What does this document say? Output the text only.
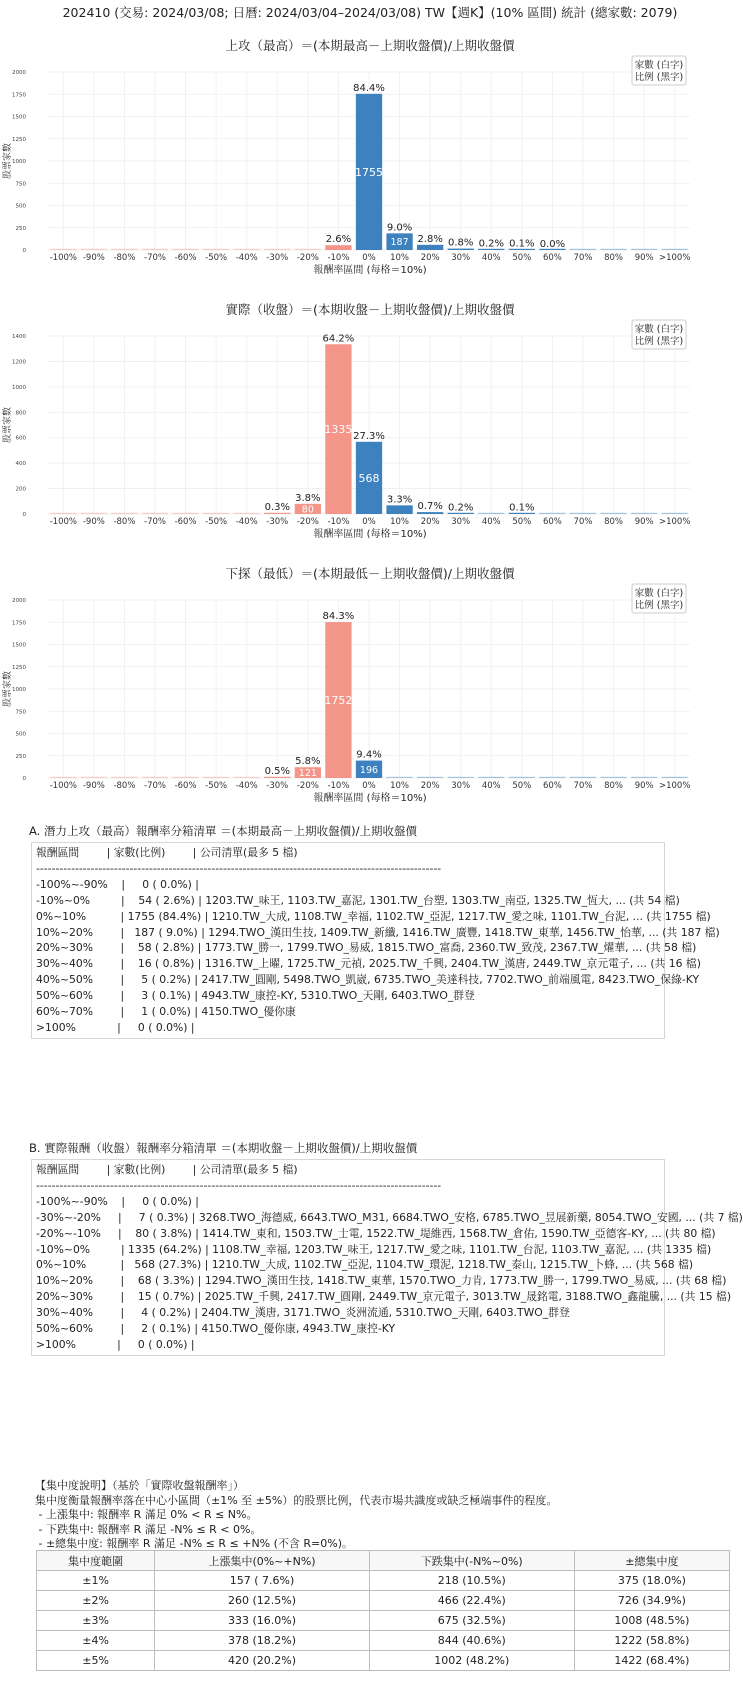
202410 (交易: 2024/03/08; 日曆: 2024/03/04–2024/03/08) TW【週K】(10% 區間) 統計 (總家數: 2079)
上攻（最高）＝(本期最高－上期收盤價)/上期收盤價
0
250
500
750
1000
1250
1500
1750
2000
股票家數
2.6%
1755
84.4%
187
9.0%
2.8% 0.8% 0.2% 0.1% 0.0%
-100% -90% -80% -70% -60% -50% -40% -30% -20% -10% 0% 10% 20% 30% 40% 50% 60% 70% 80% 90% >100%
報酬率區間 (每格＝10%)
家數 (白字)
比例 (黑字)
實際（收盤）＝(本期收盤－上期收盤價)/上期收盤價
0
200
400
600
800
1000
1200
1400
股票家數
0.3% 80
3.8%
1335
64.2%
568
27.3%
3.3%
0.7% 0.2%	0.1%
-100% -90% -80% -70% -60% -50% -40% -30% -20% -10% 0% 10% 20% 30% 40% 50% 60% 70% 80% 90% >100%
報酬率區間 (每格＝10%)
家數 (白字)
比例 (黑字)
下探（最低）＝(本期最低－上期收盤價)/上期收盤價
0
250
500
750
1000
1250
1500
1750
2000
股票家數
0.5% 121
5.8%
1752
84.3%
196
9.4%
-100% -90% -80% -70% -60% -50% -40% -30% -20% -10% 0% 10% 20% 30% 40% 50% 60% 70% 80% 90% >100%
報酬率區間 (每格＝10%)
家數 (白字)
比例 (黑字)
A. 潛力上攻（最高）報酬率分箱清單 ＝(本期最高－上期收盤價)/上期收盤價
報酬區間        | 家數(比例)        | 公司清單(最多 5 檔)
--------------------------------------------------------------------------------------------------------
-100%~-90%    |     0 ( 0.0%) |
-10%~0%         |    54 ( 2.6%) | 1203.TW_味王, 1103.TW_嘉泥, 1301.TW_台塑, 1303.TW_南亞, 1325.TW_恆大, ... (共 54 檔)
0%~10%          | 1755 (84.4%) | 1210.TW_大成, 1108.TW_幸福, 1102.TW_亞泥, 1217.TW_愛之味, 1101.TW_台泥, ... (共 1755 檔)
10%~20%        |   187 ( 9.0%) | 1294.TWO_漢田生技, 1409.TW_新纖, 1416.TW_廣豐, 1418.TW_東華, 1456.TW_怡華, ... (共 187 檔)
20%~30%        |    58 ( 2.8%) | 1773.TW_勝一, 1799.TWO_易威, 1815.TWO_富喬, 2360.TW_致茂, 2367.TW_燿華, ... (共 58 檔)
30%~40%        |    16 ( 0.8%) | 1316.TW_上曜, 1725.TW_元禎, 2025.TW_千興, 2404.TW_漢唐, 2449.TW_京元電子, ... (共 16 檔)
40%~50%        |     5 ( 0.2%) | 2417.TW_圓剛, 5498.TWO_凱崴, 6735.TWO_美達科技, 7702.TWO_前端風電, 8423.TWO_保綠-KY
50%~60%        |     3 ( 0.1%) | 4943.TW_康控-KY, 5310.TWO_天剛, 6403.TWO_群登
60%~70%        |     1 ( 0.0%) | 4150.TWO_優你康
>100%            |     0 ( 0.0%) |
B. 實際報酬（收盤）報酬率分箱清單 ＝(本期收盤－上期收盤價)/上期收盤價
報酬區間        | 家數(比例)        | 公司清單(最多 5 檔)
--------------------------------------------------------------------------------------------------------
-100%~-90%    |     0 ( 0.0%) |
-30%~-20%     |     7 ( 0.3%) | 3268.TWO_海德威, 6643.TWO_M31, 6684.TWO_安格, 6785.TWO_昱展新藥, 8054.TWO_安國, ... (共 7 檔)
-20%~-10%     |    80 ( 3.8%) | 1414.TW_東和, 1503.TW_士電, 1522.TW_堤維西, 1568.TW_倉佑, 1590.TW_亞德客-KY, ... (共 80 檔)
-10%~0%         | 1335 (64.2%) | 1108.TW_幸福, 1203.TW_味王, 1217.TW_愛之味, 1101.TW_台泥, 1103.TW_嘉泥, ... (共 1335 檔)
0%~10%          |   568 (27.3%) | 1210.TW_大成, 1102.TW_亞泥, 1104.TW_環泥, 1218.TW_泰山, 1215.TW_卜蜂, ... (共 568 檔)
10%~20%        |    68 ( 3.3%) | 1294.TWO_漢田生技, 1418.TW_東華, 1570.TWO_力肯, 1773.TW_勝一, 1799.TWO_易威, ... (共 68 檔)
20%~30%        |    15 ( 0.7%) | 2025.TW_千興, 2417.TW_圓剛, 2449.TW_京元電子, 3013.TW_晟銘電, 3188.TWO_鑫龍騰, ... (共 15 檔)
30%~40%        |     4 ( 0.2%) | 2404.TW_漢唐, 3171.TWO_炎洲流通, 5310.TWO_天剛, 6403.TWO_群登
50%~60%        |     2 ( 0.1%) | 4150.TWO_優你康, 4943.TW_康控-KY
>100%            |     0 ( 0.0%) |
【集中度說明】（基於「實際收盤報酬率」）
集中度衡量報酬率落在中心小區間（±1% 至 ±5%）的股票比例，代表市場共識度或缺乏極端事件的程度。
- 上漲集中: 報酬率 R 滿足 0% < R ≤ N%。
- 下跌集中: 報酬率 R 滿足 -N% ≤ R < 0%。
- ±總集中度: 報酬率 R 滿足 -N% ≤ R ≤ +N% (不含 R=0%)。
集中度範圍	上漲集中(0%~+N%)	下跌集中(-N%~0%)	±總集中度
±1%	157 ( 7.6%)	218 (10.5%)	375 (18.0%)
±2%	260 (12.5%)	466 (22.4%)	726 (34.9%)
±3%	333 (16.0%)	675 (32.5%)	1008 (48.5%)
±4%	378 (18.2%)	844 (40.6%)	1222 (58.8%)
±5%	420 (20.2%)	1002 (48.2%)	1422 (68.4%)
